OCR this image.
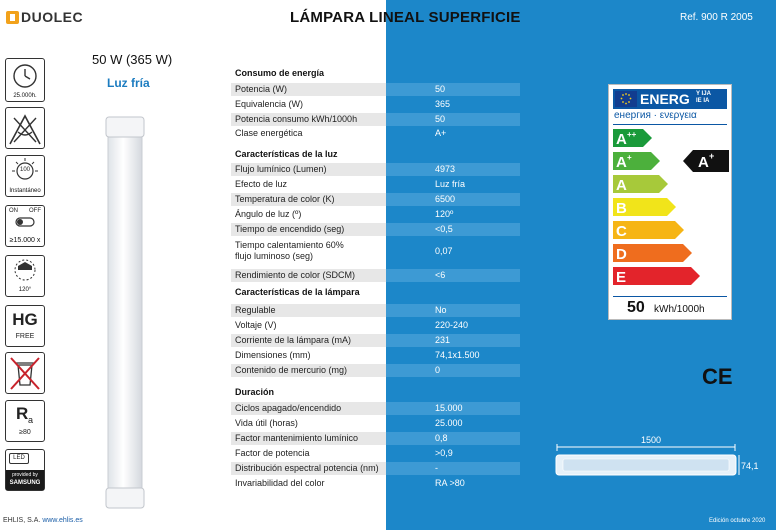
DUOLEC	LÁMPARA LINEAL SUPERFICIE	Ref. 900 R 2005
50 W (365 W)
Luz fría
25.000h.
100
Instantáneo
ON OFF
≥15.000 x
120°
HG
FREE
R a
≥80
LED
provided by
SAMSUNG
Consumo de energía
Potencia (W)	50
Equivalencia (W)	365
Potencia consumo kWh/1000h	50
Clase energética	A+
Características de la luz
Flujo lumínico (Lumen)	4973
Efecto de luz	Luz fría
Temperatura de color (K)	6500
Ángulo de luz (º)	120º
Tiempo de encendido (seg)	<0,5
Tiempo calentamiento 60%
flujo luminoso (seg)	0,07
Rendimiento de color (SDCM)	<6
Características de la lámpara
Regulable	No
Voltaje (V)	220-240
Corriente de la lámpara (mA)	231
Dimensiones (mm)	74,1x1.500
Contenido de mercurio (mg)	0
Duración
Ciclos apagado/encendido	15.000
Vida útil (horas)	25.000
Factor mantenimiento lumínico	0,8
Factor de potencia	>0,9
Distribución espectral potencia (nm)	-
Invariabilidad del color	RA >80
ENERG Y IJA
IE IA
енергия · ενεργεια
A ++
A +
A
B
C
D
E
A +
50 kWh/1000h
CE
1500
74,1
EHLIS, S.A. www.ehlis.es	Edición octubre 2020
